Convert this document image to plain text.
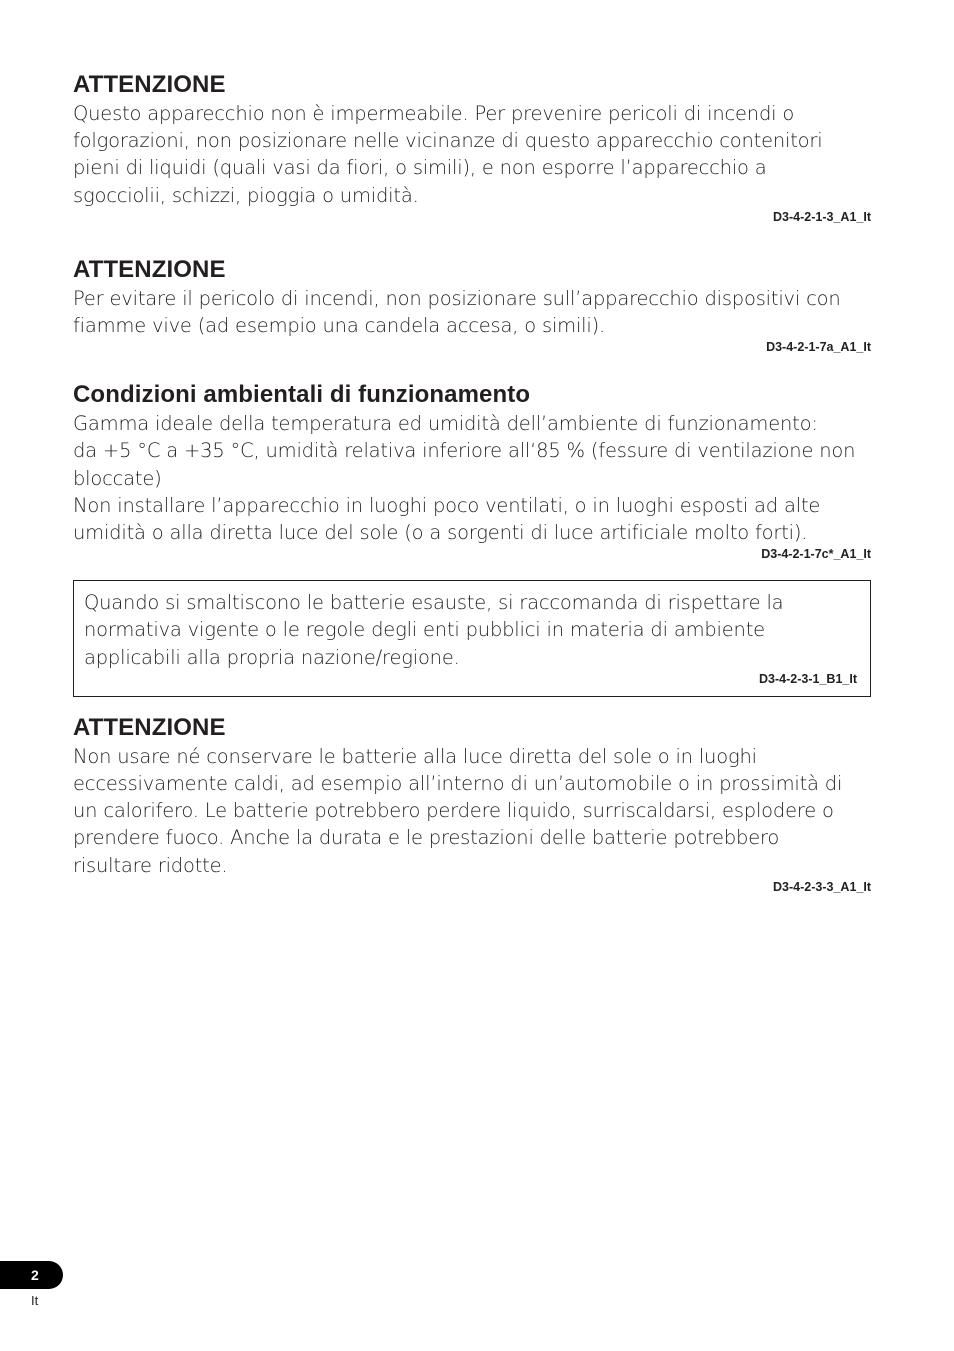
ATTENZIONE

Questo apparecchio non è impermeabile. Per prevenire pericoli di incendi o
folgorazioni, non posizionare nelle vicinanze di questo apparecchio contenitori
pieni di liquidi (quali vasi da fiori, o simili), e non esporre l’apparecchio a
sgocciolii, schizzi, pioggia o umidità.

D3-4-2-1-3_A1_It

ATTENZIONE

Per evitare il pericolo di incendi, non posizionare sull’apparecchio dispositivi con
fiamme vive (ad esempio una candela accesa, o simili).

D3-4-2-1-7a_A1_It

Condizioni ambientali di funzionamento

Gamma ideale della temperatura ed umidità dell’ambiente di funzionamento:
da +5 °C a +35 °C, umidità relativa inferiore all‘85 % (fessure di ventilazione non
bloccate)
Non installare l’apparecchio in luoghi poco ventilati, o in luoghi esposti ad alte
umidità o alla diretta luce del sole (o a sorgenti di luce artificiale molto forti).

D3-4-2-1-7c*_A1_It

Quando si smaltiscono le batterie esauste, si raccomanda di rispettare la
normativa vigente o le regole degli enti pubblici in materia di ambiente
applicabili alla propria nazione/regione.

D3-4-2-3-1_B1_It

ATTENZIONE

Non usare né conservare le batterie alla luce diretta del sole o in luoghi
eccessivamente caldi, ad esempio all’interno di un’automobile o in prossimità di
un calorifero. Le batterie potrebbero perdere liquido, surriscaldarsi, esplodere o
prendere fuoco. Anche la durata e le prestazioni delle batterie potrebbero
risultare ridotte.

D3-4-2-3-3_A1_It

2
It
